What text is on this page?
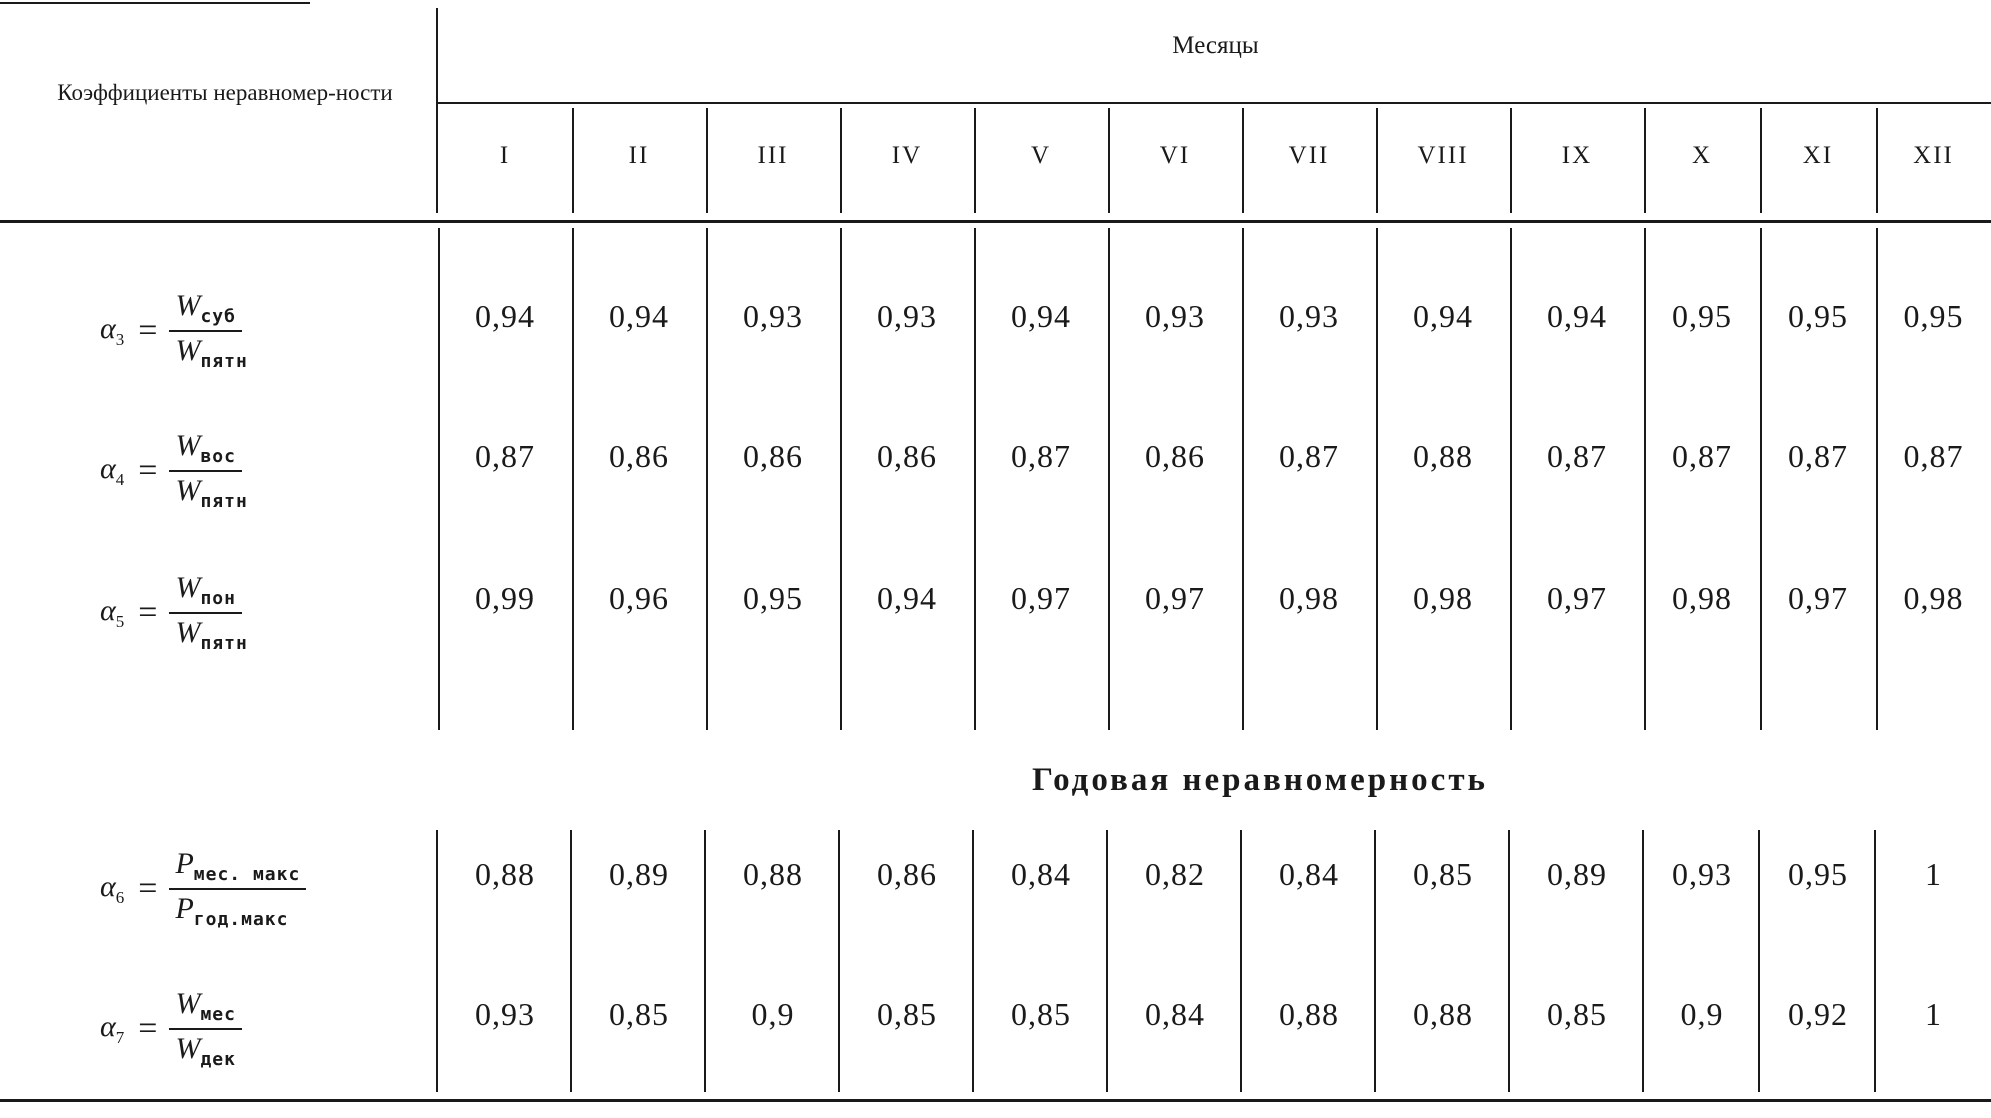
Коэффициенты неравномер-ности
Месяцы
I	II	III	IV	V	VI	VII	VIII	IX	X	XI	XII
$\alpha_3 = \frac{W_{суб}}{W_{пятн}}$	0,94	0,94	0,93	0,93	0,94	0,93	0,93	0,94	0,94	0,95	0,95	0,95
$\alpha_4 = \frac{W_{вос}}{W_{пятн}}$	0,87	0,86	0,86	0,86	0,87	0,86	0,87	0,88	0,87	0,87	0,87	0,87
$\alpha_5 = \frac{W_{пон}}{W_{пятн}}$	0,99	0,96	0,95	0,94	0,97	0,97	0,98	0,98	0,97	0,98	0,97	0,98
$\alpha_6 = \frac{P_{мес. макс}}{P_{год.макс}}$	0,88	0,89	0,88	0,86	0,84	0,82	0,84	0,85	0,89	0,93	0,95	1
$\alpha_7 = \frac{W_{мес}}{W_{дек}}$	0,93	0,85	0,9	0,85	0,85	0,84	0,88	0,88	0,85	0,9	0,92	1
Годовая неравномерность
